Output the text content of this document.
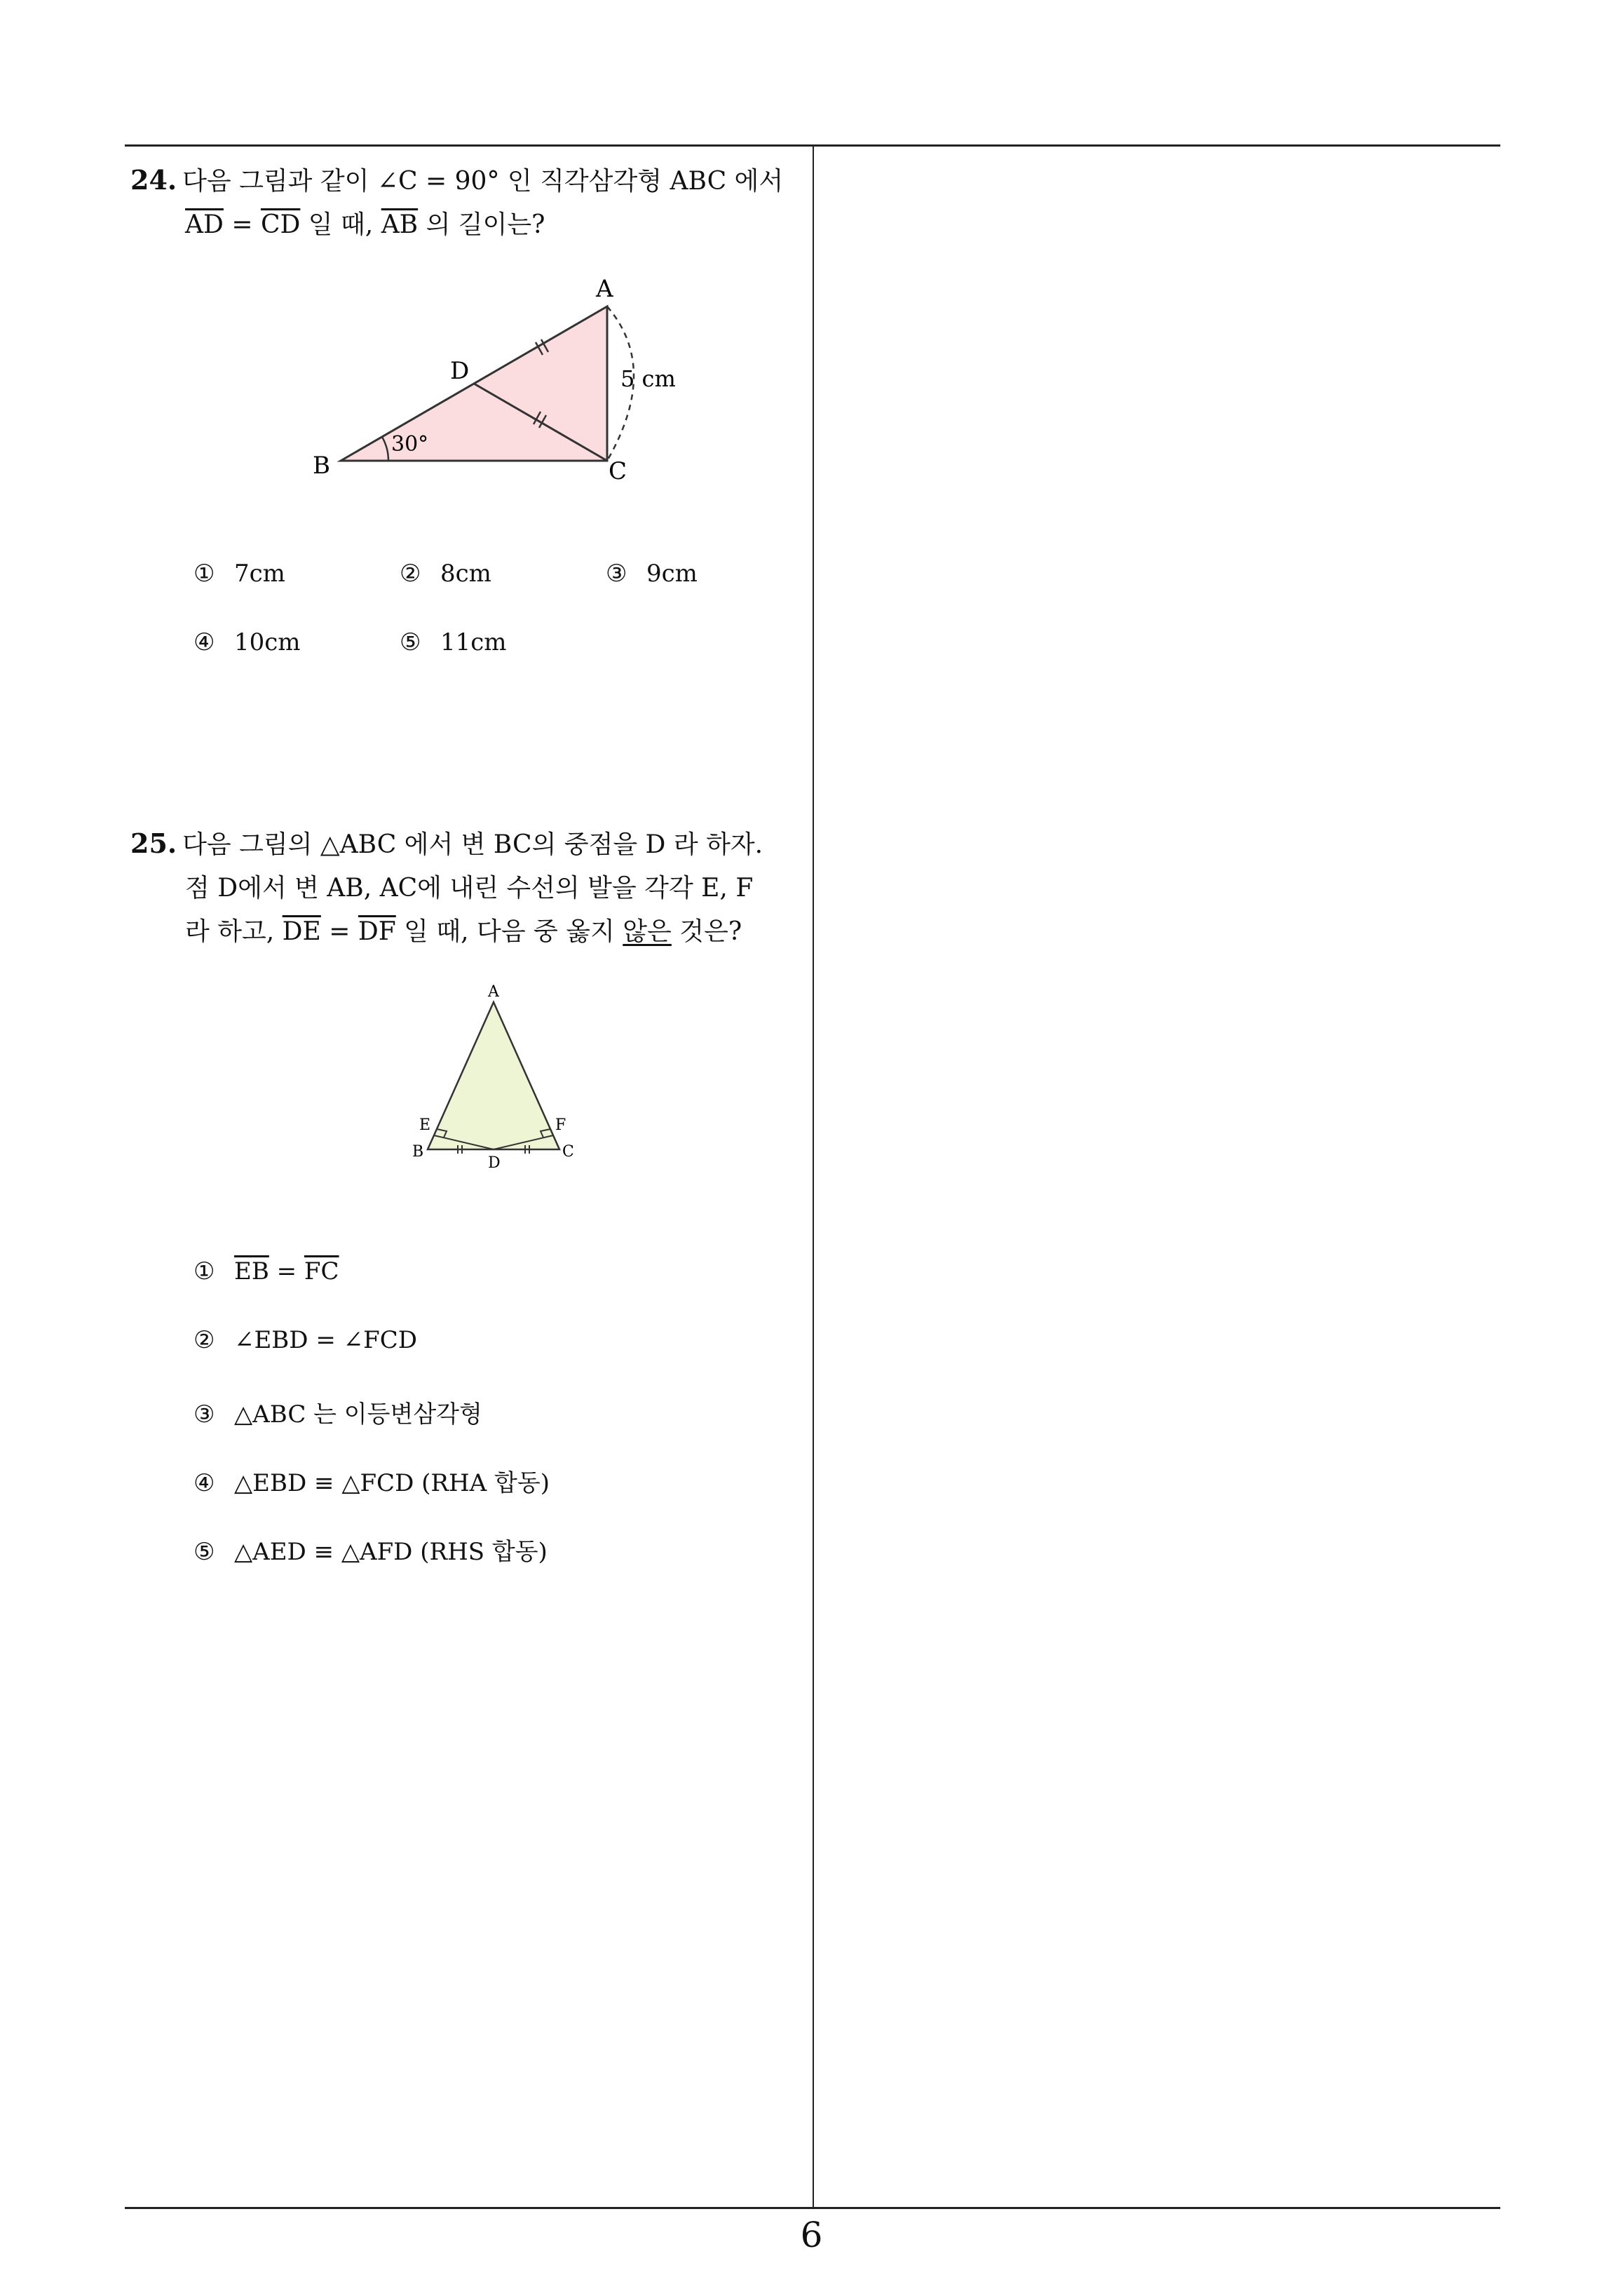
6
24. 다음 그림과 같이 ∠C = 90° 인 직각삼각형 ABC 에서
$\overline{AD} = \overline{CD}$ 일 때, $\overline{AB}$ 의 길이는?
A
B	C
D
30°
5 cm
① 7cm	② 8cm	③ 9cm
④ 10cm	⑤ 11cm
25. 다음 그림의 △ABC 에서 변 BC의 중점을 D 라 하자.
점 D에서 변 AB, AC에 내린 수선의 발을 각각 E, F
라 하고, $\overline{DE} = \overline{DF}$ 일 때, 다음 중 옳지 않은 것은?
A
B	C
D
E	F
① $\overline{EB} = \overline{FC}$
② ∠EBD = ∠FCD
③ △ABC 는 이등변삼각형
④ △EBD ≡ △FCD (RHA 합동)
⑤ △AED ≡ △AFD (RHS 합동)
